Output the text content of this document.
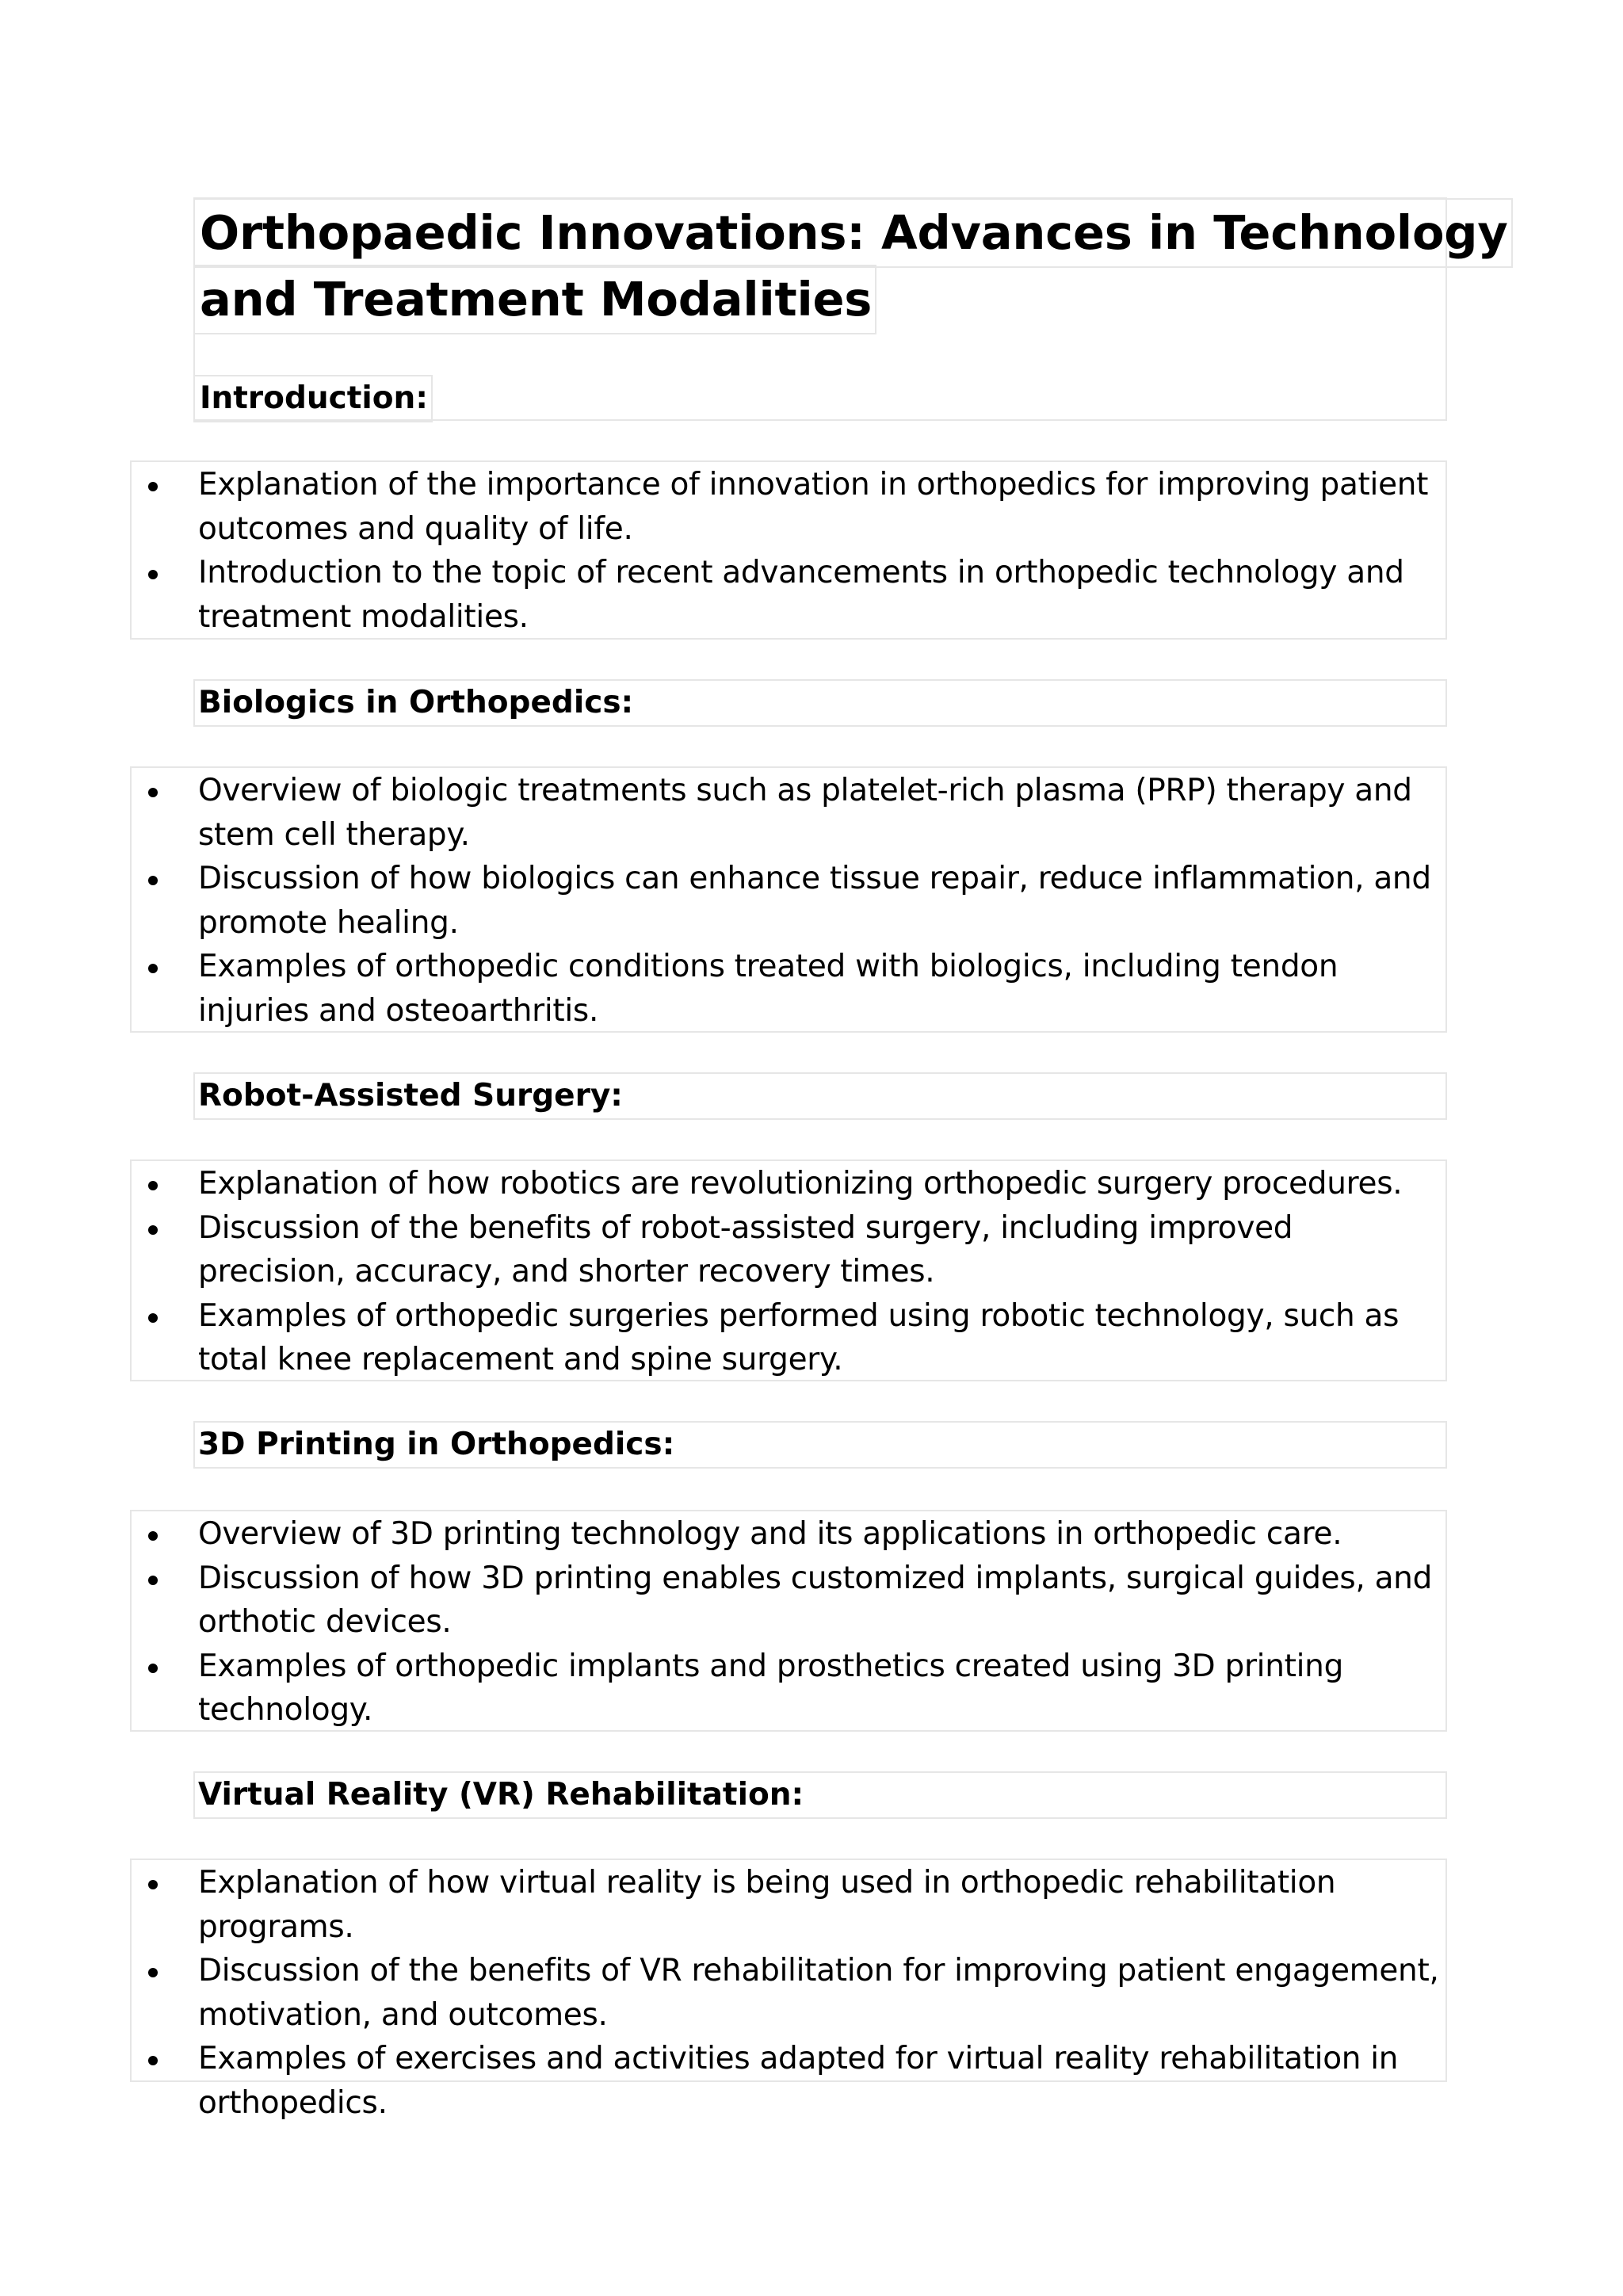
Orthopaedic Innovations: Advances in Technology
and Treatment Modalities
Introduction:
Explanation of the importance of innovation in orthopedics for improving patient outcomes and quality of life.
Introduction to the topic of recent advancements in orthopedic technology and treatment modalities.
Biologics in Orthopedics:
Overview of biologic treatments such as platelet-rich plasma (PRP) therapy and stem cell therapy.
Discussion of how biologics can enhance tissue repair, reduce inflammation, and promote healing.
Examples of orthopedic conditions treated with biologics, including tendon injuries and osteoarthritis.
Robot-Assisted Surgery:
Explanation of how robotics are revolutionizing orthopedic surgery procedures.
Discussion of the benefits of robot-assisted surgery, including improved precision, accuracy, and shorter recovery times.
Examples of orthopedic surgeries performed using robotic technology, such as total knee replacement and spine surgery.
3D Printing in Orthopedics:
Overview of 3D printing technology and its applications in orthopedic care.
Discussion of how 3D printing enables customized implants, surgical guides, and orthotic devices.
Examples of orthopedic implants and prosthetics created using 3D printing technology.
Virtual Reality (VR) Rehabilitation:
Explanation of how virtual reality is being used in orthopedic rehabilitation programs.
Discussion of the benefits of VR rehabilitation for improving patient engagement, motivation, and outcomes.
Examples of exercises and activities adapted for virtual reality rehabilitation in orthopedics.
